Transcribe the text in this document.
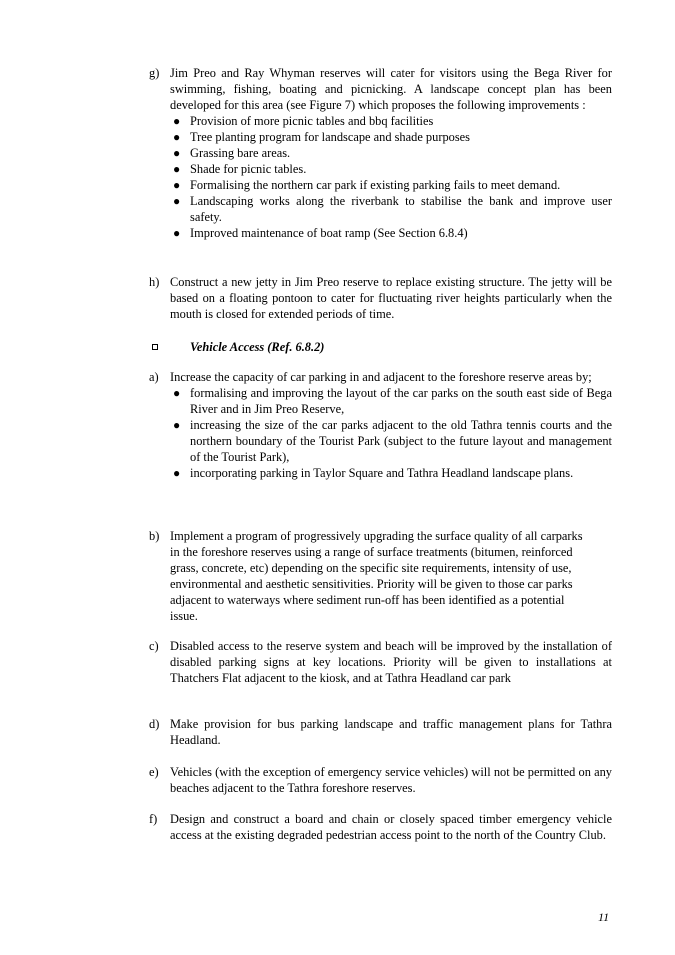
g) Jim Preo and Ray Whyman reserves will cater for visitors using the Bega River for swimming, fishing, boating and picnicking. A landscape concept plan has been developed for this area (see Figure 7) which proposes the following improvements :
● Provision of more picnic tables and bbq facilities
● Tree planting program for landscape and shade purposes
● Grassing bare areas.
● Shade for picnic tables.
● Formalising the northern car park if existing parking fails to meet demand.
● Landscaping works along the riverbank to stabilise the bank and improve user safety.
● Improved maintenance of boat ramp (See Section 6.8.4)
h) Construct a new jetty in Jim Preo reserve to replace existing structure. The jetty will be based on a floating pontoon to cater for fluctuating river heights particularly when the mouth is closed for extended periods of time.
Vehicle Access (Ref. 6.8.2)
a) Increase the capacity of car parking in and adjacent to the foreshore reserve areas by;
● formalising and improving the layout of the car parks on the south east side of Bega River and in Jim Preo Reserve,
● increasing the size of the car parks adjacent to the old Tathra tennis courts and the northern boundary of the Tourist Park (subject to the future layout and management of the Tourist Park),
● incorporating parking in Taylor Square and Tathra Headland landscape plans.
b) Implement a program of progressively upgrading the surface quality of all carparks in the foreshore reserves using a range of surface treatments (bitumen, reinforced grass, concrete, etc) depending on the specific site requirements, intensity of use, environmental and aesthetic sensitivities. Priority will be given to those car parks adjacent to waterways where sediment run-off has been identified as a potential issue.
c) Disabled access to the reserve system and beach will be improved by the installation of disabled parking signs at key locations. Priority will be given to installations at Thatchers Flat adjacent to the kiosk, and at Tathra Headland car park
d) Make provision for bus parking landscape and traffic management plans for Tathra Headland.
e) Vehicles (with the exception of emergency service vehicles) will not be permitted on any beaches adjacent to the Tathra foreshore reserves.
f)	Design and construct a board and chain or closely spaced timber emergency vehicle access at the existing degraded pedestrian access point to the north of the Country Club.
11
